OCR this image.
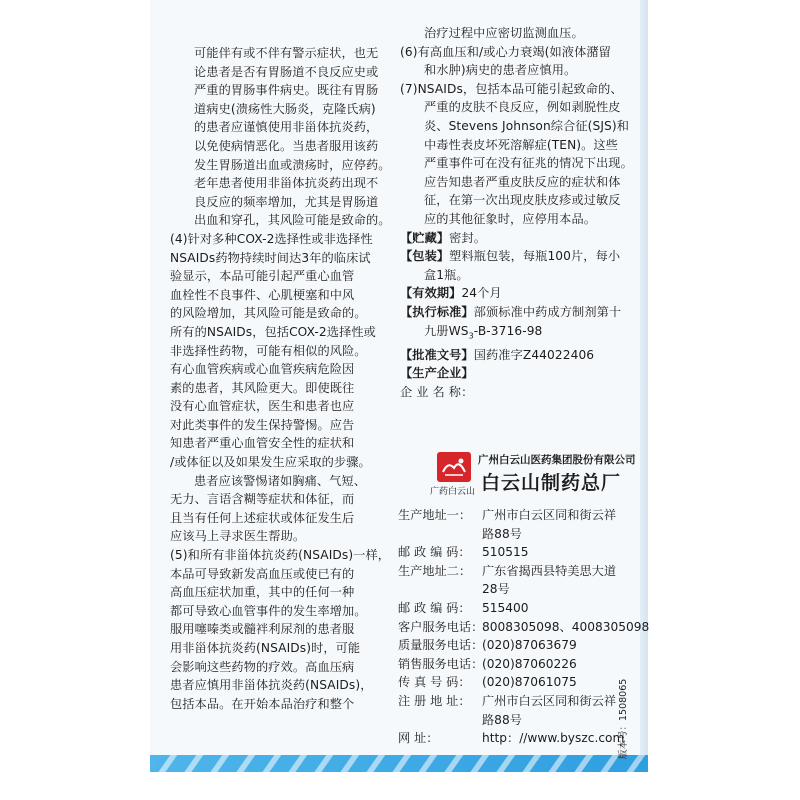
可能伴有或不伴有警示症状，也无

论患者是否有胃肠道不良反应史或

严重的胃肠事件病史。既往有胃肠

道病史(溃疡性大肠炎，克隆氏病)

的患者应谨慎使用非甾体抗炎药，

以免使病情恶化。当患者服用该药

发生胃肠道出血或溃疡时，应停药。

老年患者使用非甾体抗炎药出现不

良反应的频率增加，尤其是胃肠道

出血和穿孔，其风险可能是致命的。

(4)针对多种COX-2选择性或非选择性

NSAIDs药物持续时间达3年的临床试

验显示，本品可能引起严重心血管

血栓性不良事件、心肌梗塞和中风

的风险增加，其风险可能是致命的。

所有的NSAIDs，包括COX-2选择性或

非选择性药物，可能有相似的风险。

有心血管疾病或心血管疾病危险因

素的患者，其风险更大。即使既往

没有心血管症状，医生和患者也应

对此类事件的发生保持警惕。应告

知患者严重心血管安全性的症状和

/或体征以及如果发生应采取的步骤。

患者应该警惕诸如胸痛、气短、

无力、言语含糊等症状和体征，而

且当有任何上述症状或体征发生后

应该马上寻求医生帮助。

(5)和所有非甾体抗炎药(NSAIDs)一样，

本品可导致新发高血压或使已有的

高血压症状加重，其中的任何一种

都可导致心血管事件的发生率增加。

服用噻嗪类或髓袢利尿剂的患者服

用非甾体抗炎药(NSAIDs)时，可能

会影响这些药物的疗效。高血压病

患者应慎用非甾体抗炎药(NSAIDs)，

包括本品。在开始本品治疗和整个

治疗过程中应密切监测血压。

(6)有高血压和/或心力衰竭(如液体潴留

和水肿)病史的患者应慎用。

(7)NSAIDs，包括本品可能引起致命的、

严重的皮肤不良反应，例如剥脱性皮

炎、Stevens Johnson综合征(SJS)和

中毒性表皮坏死溶解症(TEN)。这些

严重事件可在没有征兆的情况下出现。

应告知患者严重皮肤反应的症状和体

征，在第一次出现皮肤皮疹或过敏反

应的其他征象时，应停用本品。

【贮藏】密封。

【包装】塑料瓶包装，每瓶100片，每小

盒1瓶。

【有效期】24个月

【执行标准】部颁标准中药成方制剂第十

九册$WS_3-B-3716-98$

【批准文号】国药准字Z44022406

【生产企业】

企 业 名 称：

广药白云山
广州白云山医药集团股份有限公司
白云山制药总厂
生产地址一： 广州市白云区同和街云祥
路88号
邮 政 编 码： 510515
生产地址二： 广东省揭西县特美思大道
28号
邮 政 编 码： 515400
客户服务电话：
8008305098、4008305098
质量服务电话：
(020)87063679
销售服务电话：
(020)87060226
传 真 号 码： (020)87061075
注 册 地 址： 广州市白云区同和街云祥
路88号
网 址：	http：//www.byszc.com
版本号：1508065
